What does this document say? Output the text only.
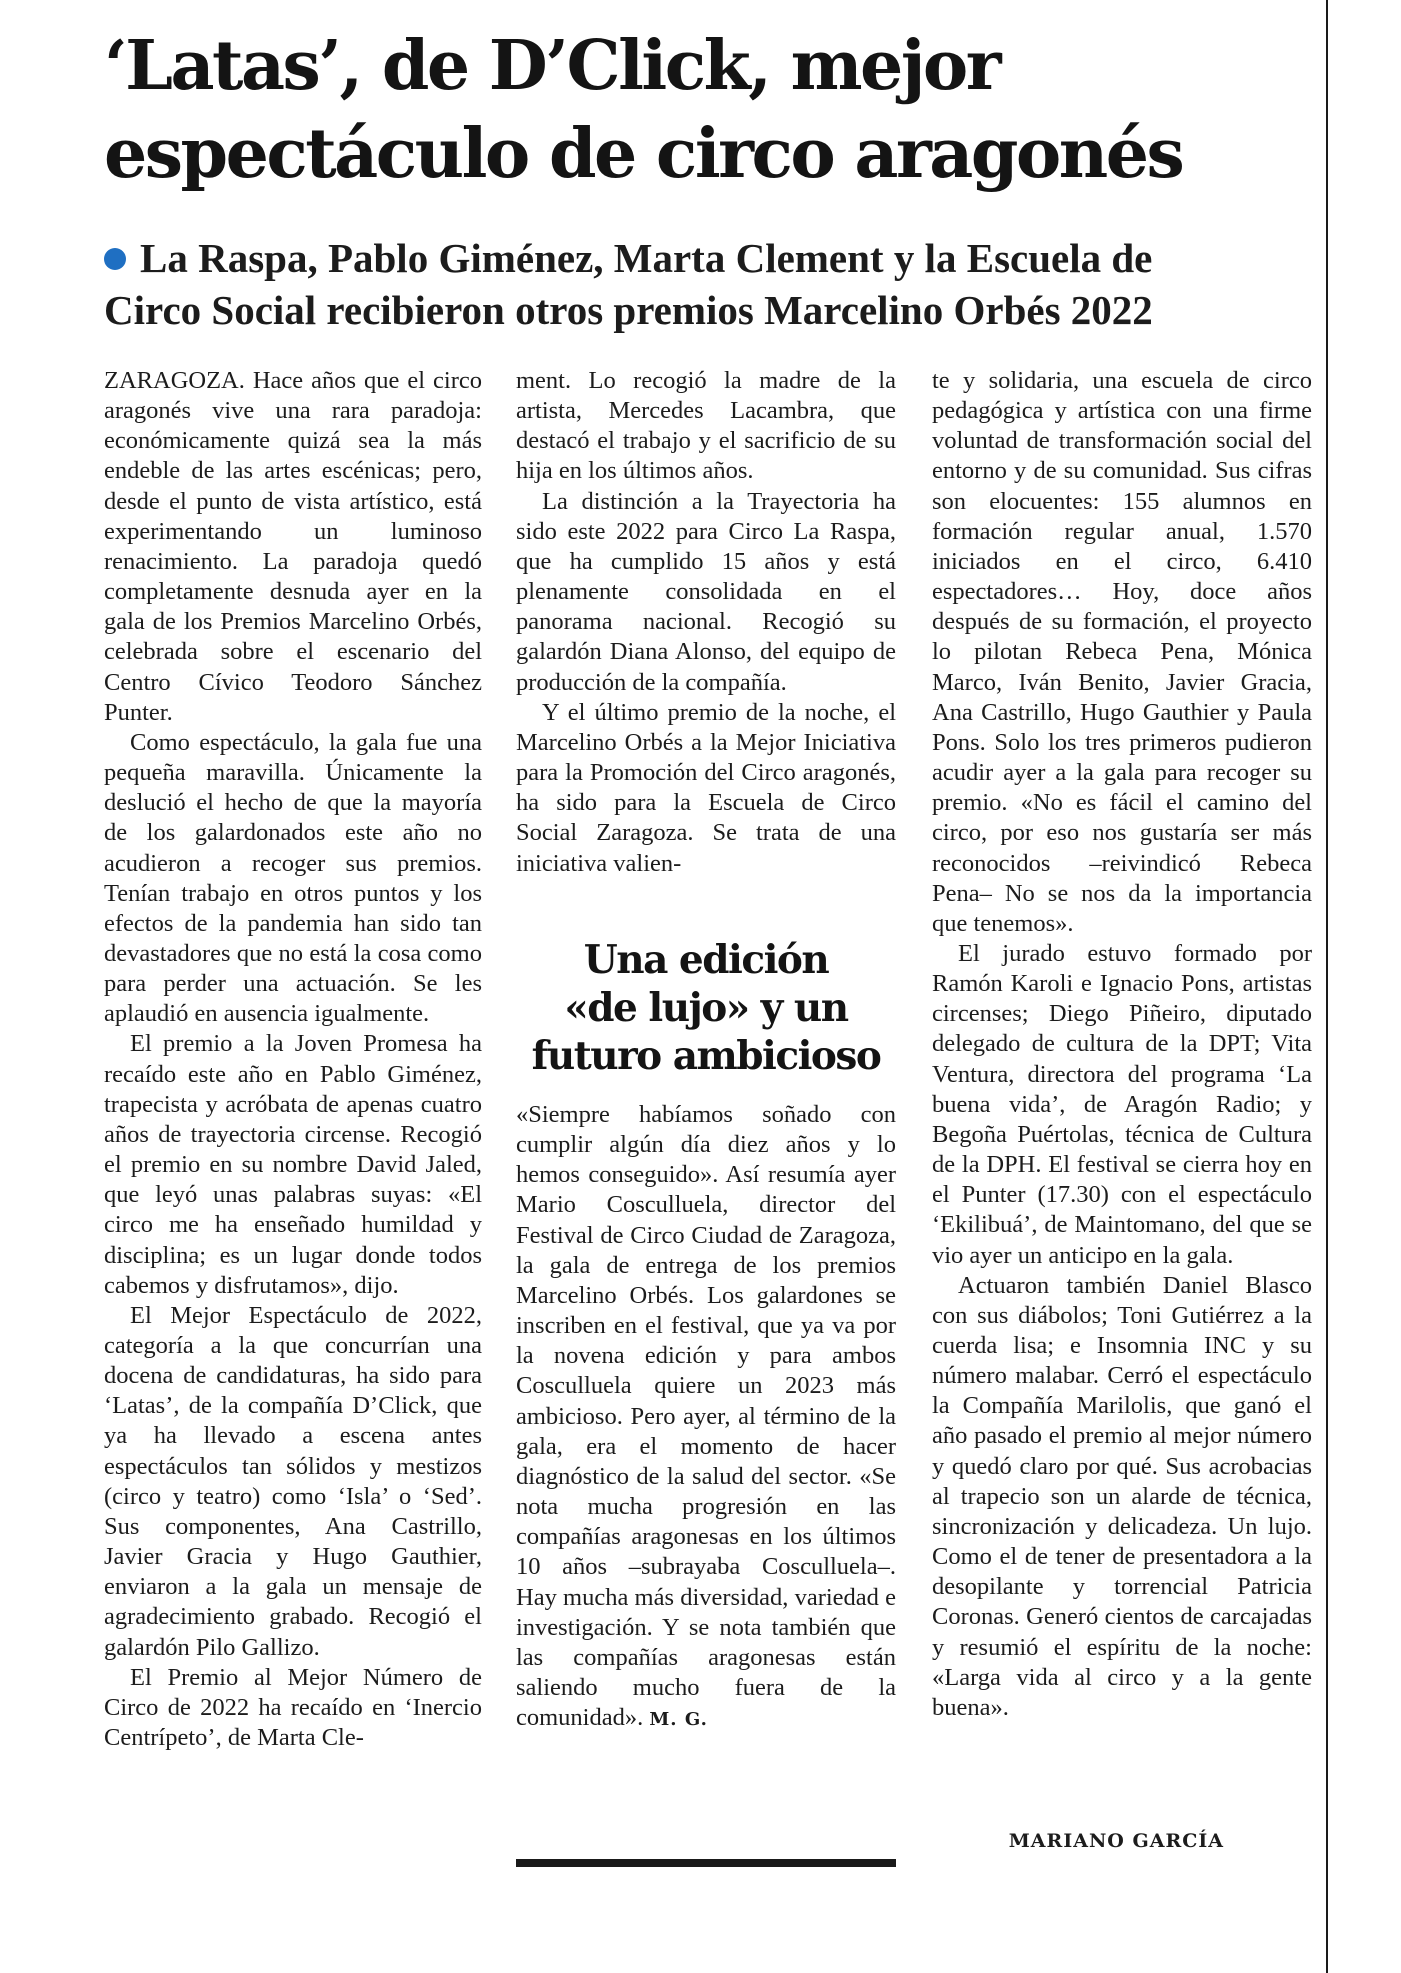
‘Latas’, de D’Click, mejor
espectáculo de circo aragonés
La Raspa, Pablo Giménez, Marta Clement y la Escuela de
Circo Social recibieron otros premios Marcelino Orbés 2022

ZARAGOZA. Hace años que el circo aragonés vive una rara paradoja: económicamente quizá sea la más endeble de las artes escénicas; pero, desde el punto de vista artístico, está experimentando un luminoso renacimiento. La paradoja quedó completamente desnuda ayer en la gala de los Premios Marcelino Orbés, celebrada sobre el escenario del Centro Cívico Teodoro Sánchez Punter.

Como espectáculo, la gala fue una pequeña maravilla. Únicamente la deslució el hecho de que la mayoría de los galardonados este año no acudieron a recoger sus premios. Tenían trabajo en otros puntos y los efectos de la pandemia han sido tan devastadores que no está la cosa como para perder una actuación. Se les aplaudió en ausencia igualmente.

El premio a la Joven Promesa ha recaído este año en Pablo Giménez, trapecista y acróbata de apenas cuatro años de trayectoria circense. Recogió el premio en su nombre David Jaled, que leyó unas palabras suyas: «El circo me ha enseñado humildad y disciplina; es un lugar donde todos cabemos y disfrutamos», dijo.

El Mejor Espectáculo de 2022, categoría a la que concurrían una docena de candidaturas, ha sido para ‘Latas’, de la compañía D’Click, que ya ha llevado a escena antes espectáculos tan sólidos y mestizos (circo y teatro) como ‘Isla’ o ‘Sed’. Sus componentes, Ana Castrillo, Javier Gracia y Hugo Gauthier, enviaron a la gala un mensaje de agradecimiento grabado. Recogió el galardón Pilo Gallizo.

El Premio al Mejor Número de Circo de 2022 ha recaído en ‘Inercio Centrípeto’, de Marta Cle-

ment. Lo recogió la madre de la artista, Mercedes Lacambra, que destacó el trabajo y el sacrificio de su hija en los últimos años.

La distinción a la Trayectoria ha sido este 2022 para Circo La Raspa, que ha cumplido 15 años y está plenamente consolidada en el panorama nacional. Recogió su galardón Diana Alonso, del equipo de producción de la compañía.

Y el último premio de la noche, el Marcelino Orbés a la Mejor Iniciativa para la Promoción del Circo aragonés, ha sido para la Escuela de Circo Social Zaragoza. Se trata de una iniciativa valien-

Una edición
«de lujo» y un
futuro ambicioso

«Siempre habíamos soñado con cumplir algún día diez años y lo hemos conseguido». Así resumía ayer Mario Cosculluela, director del Festival de Circo Ciudad de Zaragoza, la gala de entrega de los premios Marcelino Orbés. Los galardones se inscriben en el festival, que ya va por la novena edición y para ambos Cosculluela quiere un 2023 más ambicioso. Pero ayer, al término de la gala, era el momento de hacer diagnóstico de la salud del sector. «Se nota mucha progresión en las compañías aragonesas en los últimos 10 años –subrayaba Cosculluela–. Hay mucha más diversidad, variedad e investigación. Y se nota también que las compañías aragonesas están saliendo mucho fuera de la comunidad». M. G.

te y solidaria, una escuela de circo pedagógica y artística con una firme voluntad de transformación social del entorno y de su comunidad. Sus cifras son elocuentes: 155 alumnos en formación regular anual, 1.570 iniciados en el circo, 6.410 espectadores… Hoy, doce años después de su formación, el proyecto lo pilotan Rebeca Pena, Mónica Marco, Iván Benito, Javier Gracia, Ana Castrillo, Hugo Gauthier y Paula Pons. Solo los tres primeros pudieron acudir ayer a la gala para recoger su premio. «No es fácil el camino del circo, por eso nos gustaría ser más reconocidos –reivindicó Rebeca Pena– No se nos da la importancia que tenemos».

El jurado estuvo formado por Ramón Karoli e Ignacio Pons, artistas circenses; Diego Piñeiro, diputado delegado de cultura de la DPT; Vita Ventura, directora del programa ‘La buena vida’, de Aragón Radio; y Begoña Puértolas, técnica de Cultura de la DPH. El festival se cierra hoy en el Punter (17.30) con el espectáculo ‘Ekilibuá’, de Maintomano, del que se vio ayer un anticipo en la gala.

Actuaron también Daniel Blasco con sus diábolos; Toni Gutiérrez a la cuerda lisa; e Insomnia INC y su número malabar. Cerró el espectáculo la Compañía Marilolis, que ganó el año pasado el premio al mejor número y quedó claro por qué. Sus acrobacias al trapecio son un alarde de técnica, sincronización y delicadeza. Un lujo. Como el de tener de presentadora a la desopilante y torrencial Patricia Coronas. Generó cientos de carcajadas y resumió el espíritu de la noche: «Larga vida al circo y a la gente buena».

MARIANO GARCÍA
